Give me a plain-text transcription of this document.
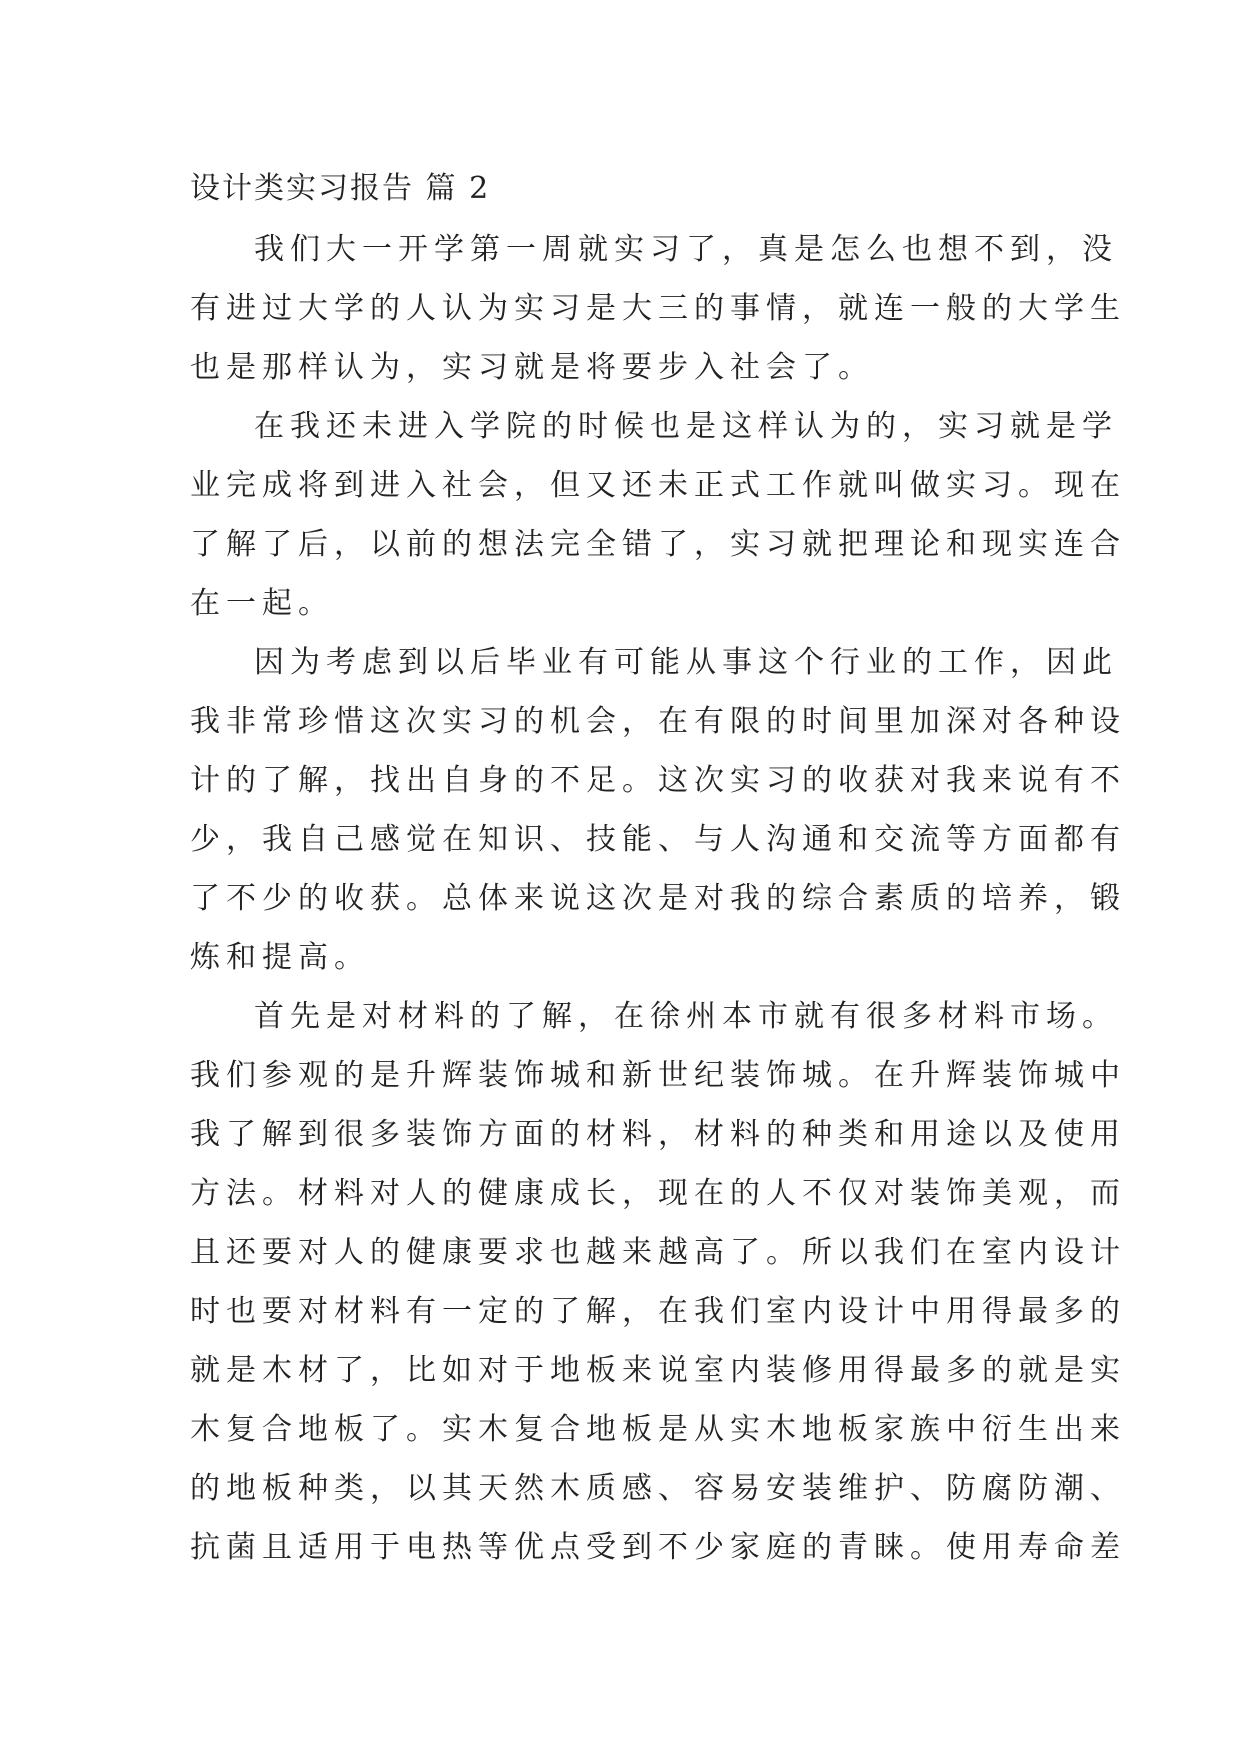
设计类实习报告 篇 2
我们大一开学第一周就实习了，真是怎么也想不到，没
有进过大学的人认为实习是大三的事情，就连一般的大学生
也是那样认为，实习就是将要步入社会了。
在我还未进入学院的时候也是这样认为的，实习就是学
业完成将到进入社会，但又还未正式工作就叫做实习。现在
了解了后，以前的想法完全错了，实习就把理论和现实连合
在一起。
因为考虑到以后毕业有可能从事这个行业的工作，因此
我非常珍惜这次实习的机会，在有限的时间里加深对各种设
计的了解，找出自身的不足。这次实习的收获对我来说有不
少，我自己感觉在知识、技能、与人沟通和交流等方面都有
了不少的收获。总体来说这次是对我的综合素质的培养，锻
炼和提高。
首先是对材料的了解，在徐州本市就有很多材料市场。
我们参观的是升辉装饰城和新世纪装饰城。在升辉装饰城中
我了解到很多装饰方面的材料，材料的种类和用途以及使用
方法。材料对人的健康成长，现在的人不仅对装饰美观，而
且还要对人的健康要求也越来越高了。所以我们在室内设计
时也要对材料有一定的了解，在我们室内设计中用得最多的
就是木材了，比如对于地板来说室内装修用得最多的就是实
木复合地板了。实木复合地板是从实木地板家族中衍生出来
的地板种类，以其天然木质感、容易安装维护、防腐防潮、
抗菌且适用于电热等优点受到不少家庭的青睐。使用寿命差
